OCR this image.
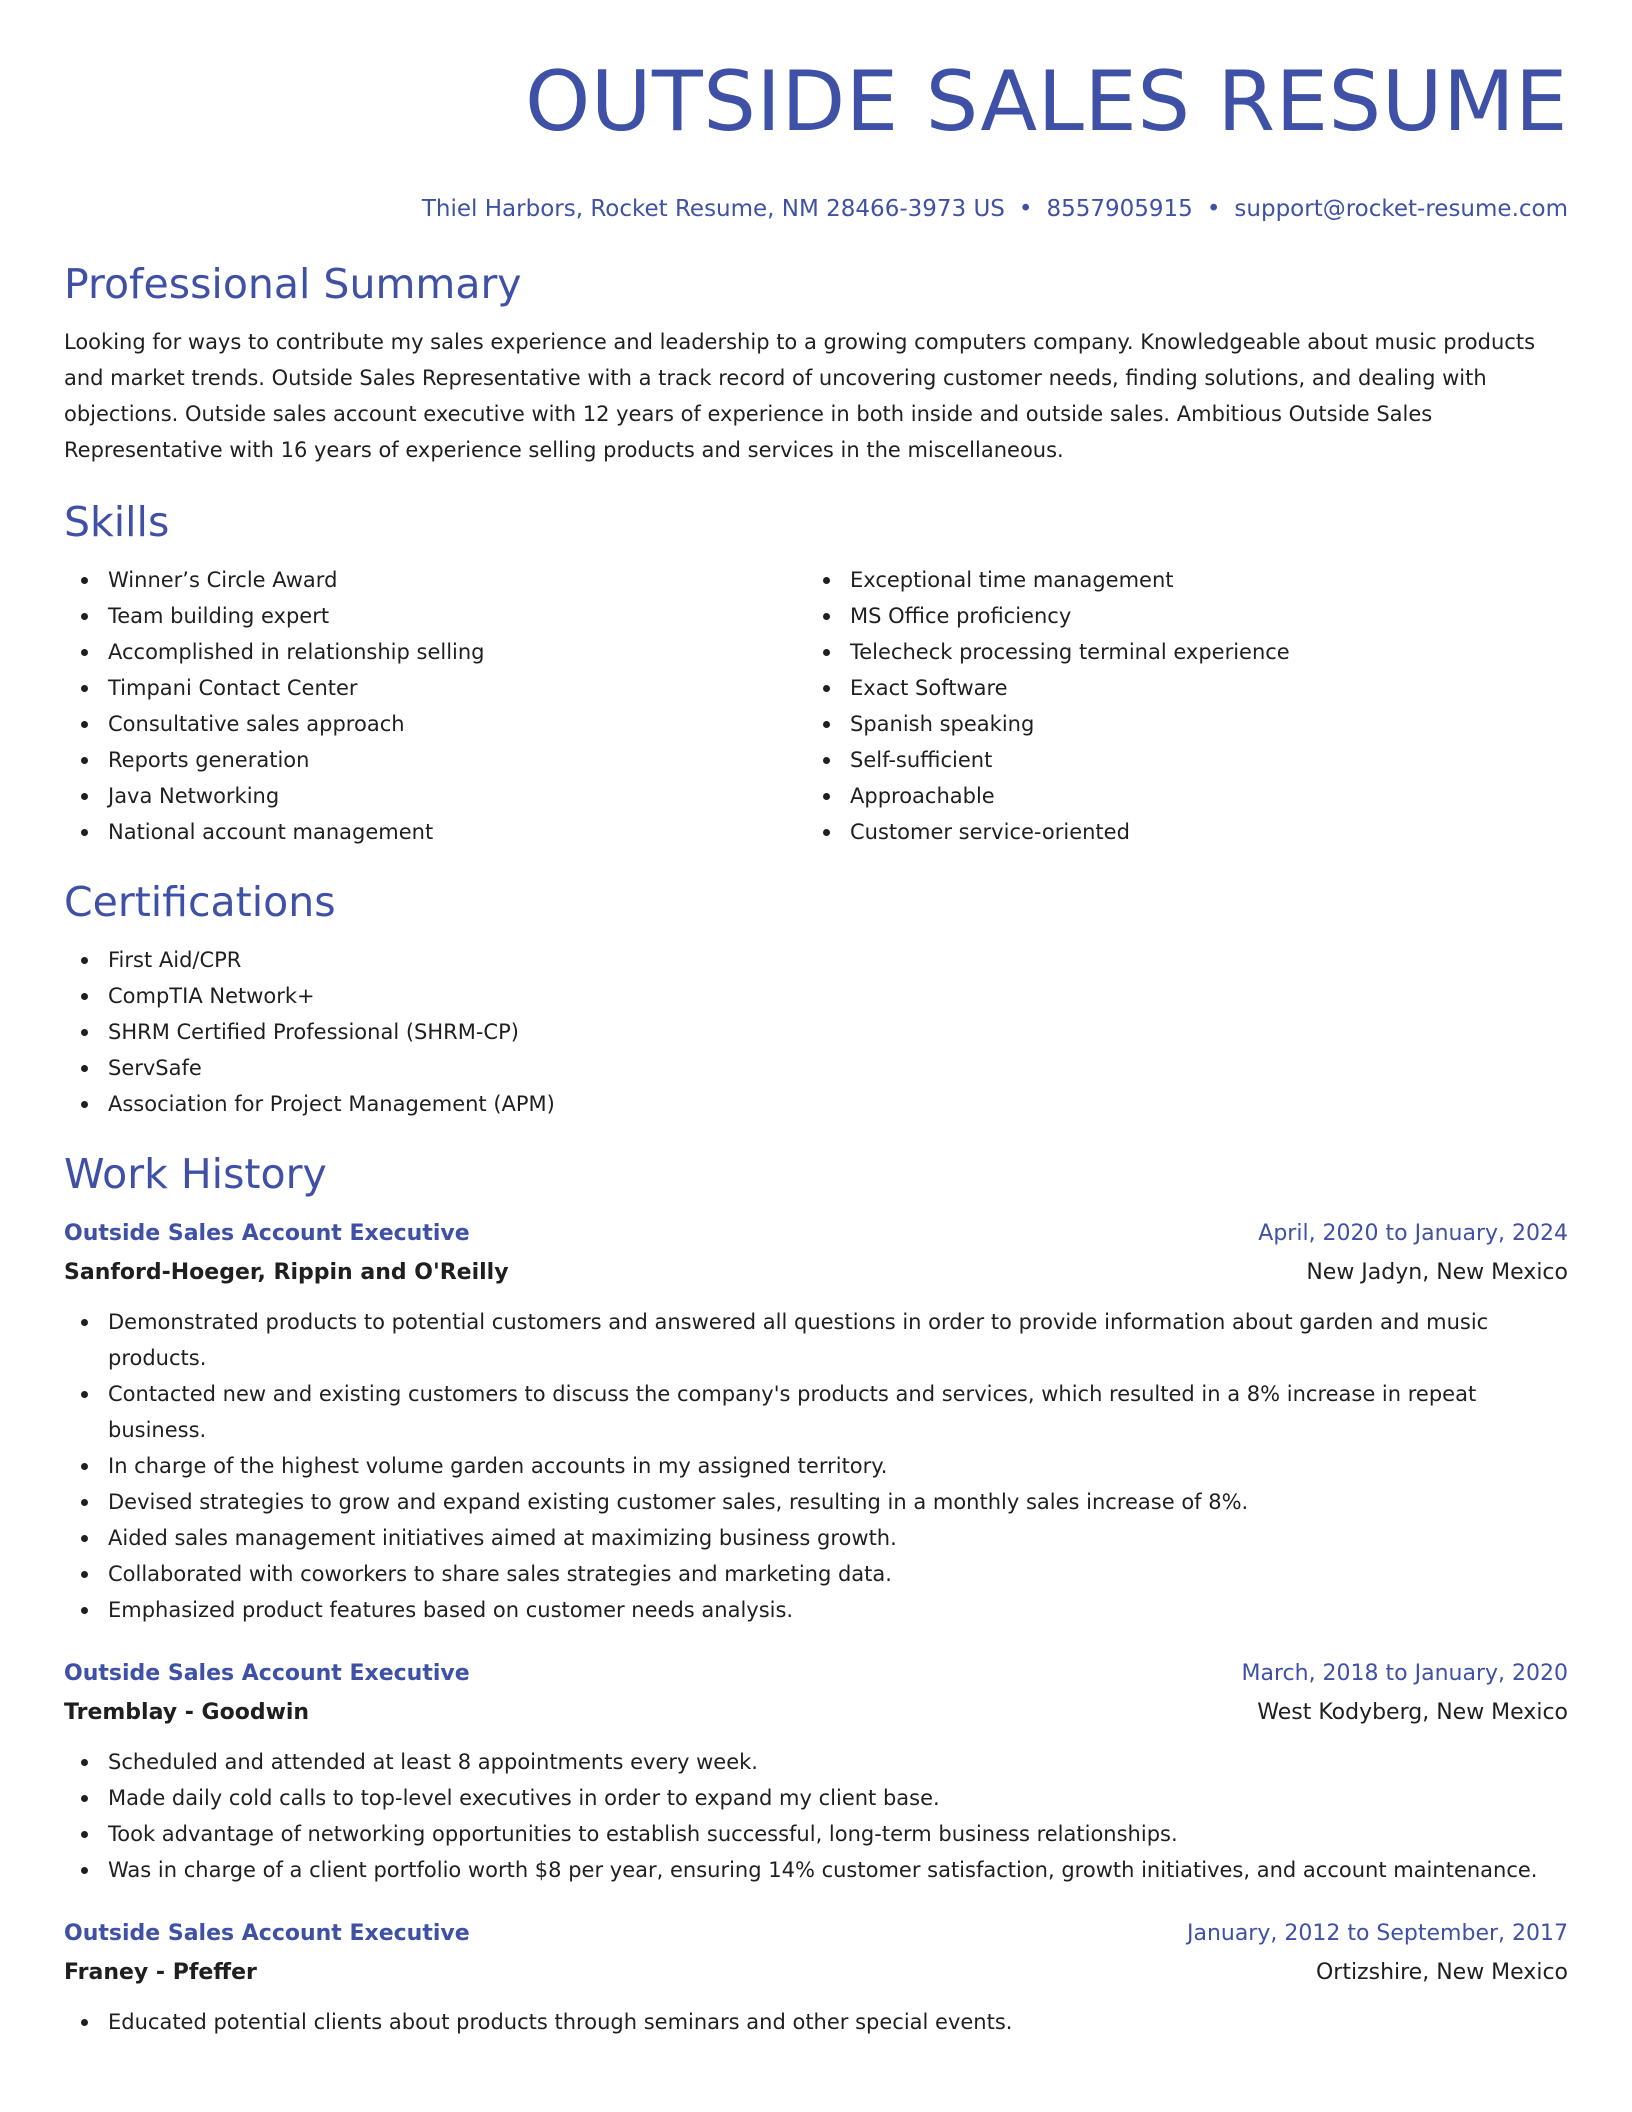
OUTSIDE SALES RESUME
Thiel Harbors, Rocket Resume, NM 28466-3973 US • 8557905915 • support@rocket-resume.com
Professional Summary
Looking for ways to contribute my sales experience and leadership to a growing computers company. Knowledgeable about music products and market trends. Outside Sales Representative with a track record of uncovering customer needs, finding solutions, and dealing with objections. Outside sales account executive with 12 years of experience in both inside and outside sales. Ambitious Outside Sales Representative with 16 years of experience selling products and services in the miscellaneous.
Skills
Winner’s Circle Award
Team building expert
Accomplished in relationship selling
Timpani Contact Center
Consultative sales approach
Reports generation
Java Networking
National account management
Exceptional time management
MS Office proficiency
Telecheck processing terminal experience
Exact Software
Spanish speaking
Self-sufficient
Approachable
Customer service-oriented
Certifications
First Aid/CPR
CompTIA Network+
SHRM Certified Professional (SHRM-CP)
ServSafe
Association for Project Management (APM)
Work History
Outside Sales Account Executive	April, 2020 to January, 2024
Sanford-Hoeger, Rippin and O'Reilly	New Jadyn, New Mexico
Demonstrated products to potential customers and answered all questions in order to provide information about garden and music products.
Contacted new and existing customers to discuss the company's products and services, which resulted in a 8% increase in repeat business.
In charge of the highest volume garden accounts in my assigned territory.
Devised strategies to grow and expand existing customer sales, resulting in a monthly sales increase of 8%.
Aided sales management initiatives aimed at maximizing business growth.
Collaborated with coworkers to share sales strategies and marketing data.
Emphasized product features based on customer needs analysis.
Outside Sales Account Executive	March, 2018 to January, 2020
Tremblay - Goodwin	West Kodyberg, New Mexico
Scheduled and attended at least 8 appointments every week.
Made daily cold calls to top-level executives in order to expand my client base.
Took advantage of networking opportunities to establish successful, long-term business relationships.
Was in charge of a client portfolio worth $8 per year, ensuring 14% customer satisfaction, growth initiatives, and account maintenance.
Outside Sales Account Executive	January, 2012 to September, 2017
Franey - Pfeffer	Ortizshire, New Mexico
Educated potential clients about products through seminars and other special events.
